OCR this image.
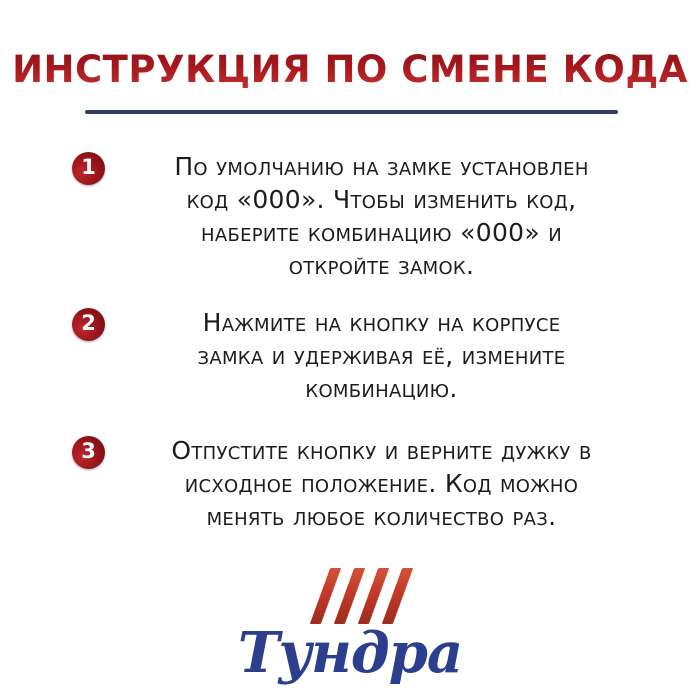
ИНСТРУКЦИЯ ПО СМЕНЕ КОДА
1	По умолчанию на замке установлен
код «000». Чтобы изменить код,
наберите комбинацию «000» и
откройте замок.
2	Нажмите на кнопку на корпусе
замка и удерживая её, измените
комбинацию.
3	Отпустите кнопку и верните дужку в
исходное положение. Код можно
менять любое количество раз.
Тундра
